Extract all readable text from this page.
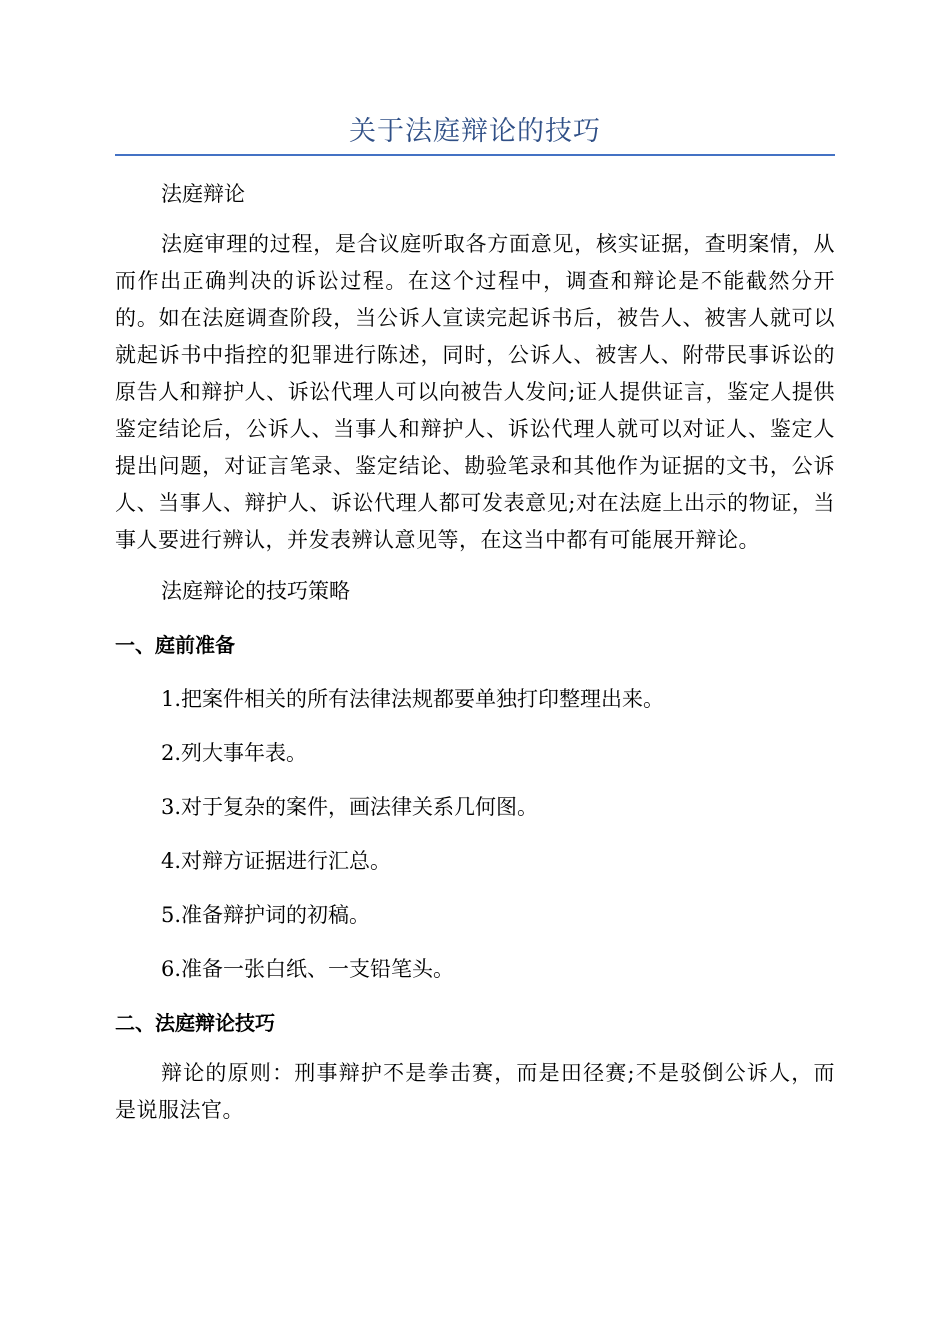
关于法庭辩论的技巧

法庭辩论

法庭审理的过程，是合议庭听取各方面意见，核实证据，查明案情，从而作出正确判决的诉讼过程。在这个过程中，调查和辩论是不能截然分开的。如在法庭调查阶段，当公诉人宣读完起诉书后，被告人、被害人就可以就起诉书中指控的犯罪进行陈述，同时，公诉人、被害人、附带民事诉讼的原告人和辩护人、诉讼代理人可以向被告人发问;证人提供证言，鉴定人提供鉴定结论后，公诉人、当事人和辩护人、诉讼代理人就可以对证人、鉴定人提出问题，对证言笔录、鉴定结论、勘验笔录和其他作为证据的文书，公诉人、当事人、辩护人、诉讼代理人都可发表意见;对在法庭上出示的物证，当事人要进行辨认，并发表辨认意见等，在这当中都有可能展开辩论。

法庭辩论的技巧策略

一、庭前准备

1.把案件相关的所有法律法规都要单独打印整理出来。

2.列大事年表。

3.对于复杂的案件，画法律关系几何图。

4.对辩方证据进行汇总。

5.准备辩护词的初稿。

6.准备一张白纸、一支铅笔头。

二、法庭辩论技巧

辩论的原则：刑事辩护不是拳击赛，而是田径赛;不是驳倒公诉人，而是说服法官。
